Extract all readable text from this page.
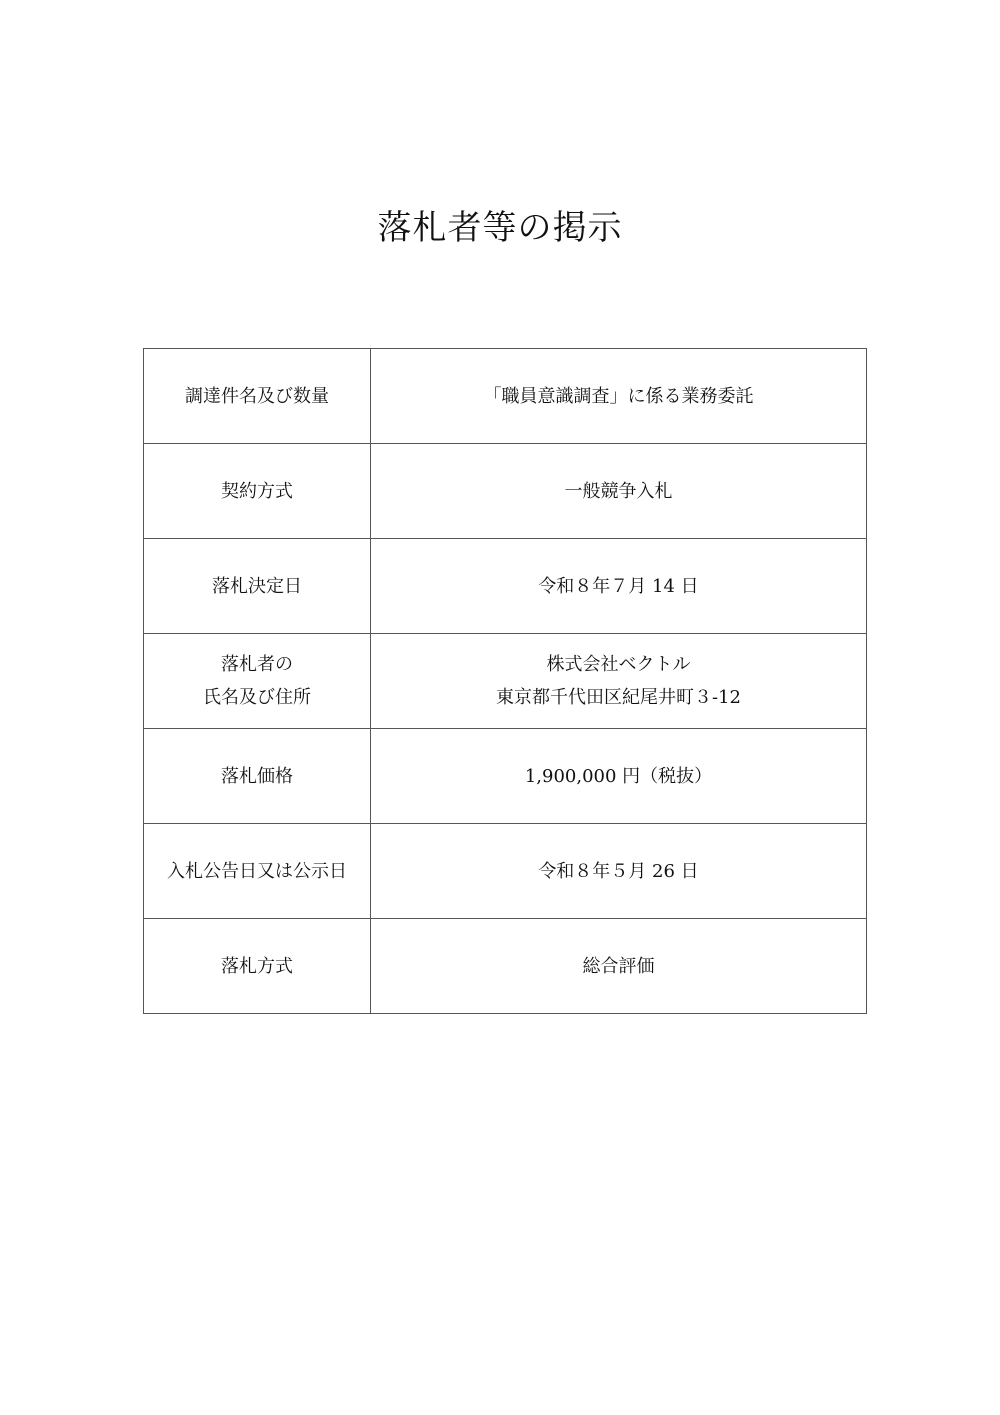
落札者等の掲示
調達件名及び数量	「職員意識調査」に係る業務委託

契約方式	一般競争入札

落札決定日	令和８年７月 14 日

落札者の
氏名及び住所	株式会社ベクトル
東京都千代田区紀尾井町３-12

落札価格	1,900,000 円（税抜）

入札公告日又は公示日	令和８年５月 26 日

落札方式	総合評価
